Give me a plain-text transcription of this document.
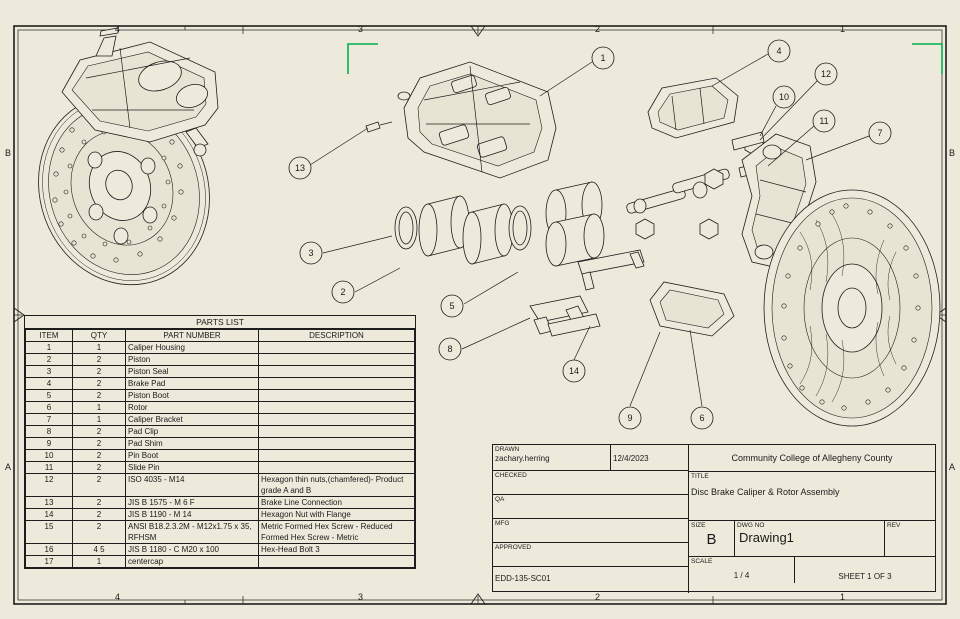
1
2
3
4
5
6
7
8
9
10
11
12
13
14
4	3	2	1
4	3	2	1
B
A
B
A
PARTS LIST
ITEM	QTY	PART NUMBER	DESCRIPTION
1	1	Caliper Housing	
2	2	Piston	
3	2	Piston Seal	
4	2	Brake Pad	
5	2	Piston Boot	
6	1	Rotor	
7	1	Caliper Bracket	
8	2	Pad Clip	
9	2	Pad Shim	
10	2	Pin Boot	
11	2	Slide Pin	
12	2	ISO 4035 - M14	Hexagon thin nuts,(chamfered)- Product grade A and B
13	2	JIS B 1575 - M 6 F	Brake Line Connection
14	2	JIS B 1190 - M 14	Hexagon Nut with Flange
15	2	ANSI B18.2.3.2M - M12x1.75 x 35, RFHSM	Metric Formed Hex Screw - Reduced Formed Hex Screw - Metric
16	4 5	JIS B 1180 - C M20 x 100	Hex-Head Bolt 3
17	1	centercap	
DRAWN
zachary.herring
	12/4/2023
CHECKED
QA
MFG
APPROVED
EDD-135-SC01
Community College of Allegheny County
TITLE
Disc Brake Caliper & Rotor Assembly
SIZE
B
DWG NO
Drawing1
REV
SCALE
1 / 4	SHEET 1 OF 3
